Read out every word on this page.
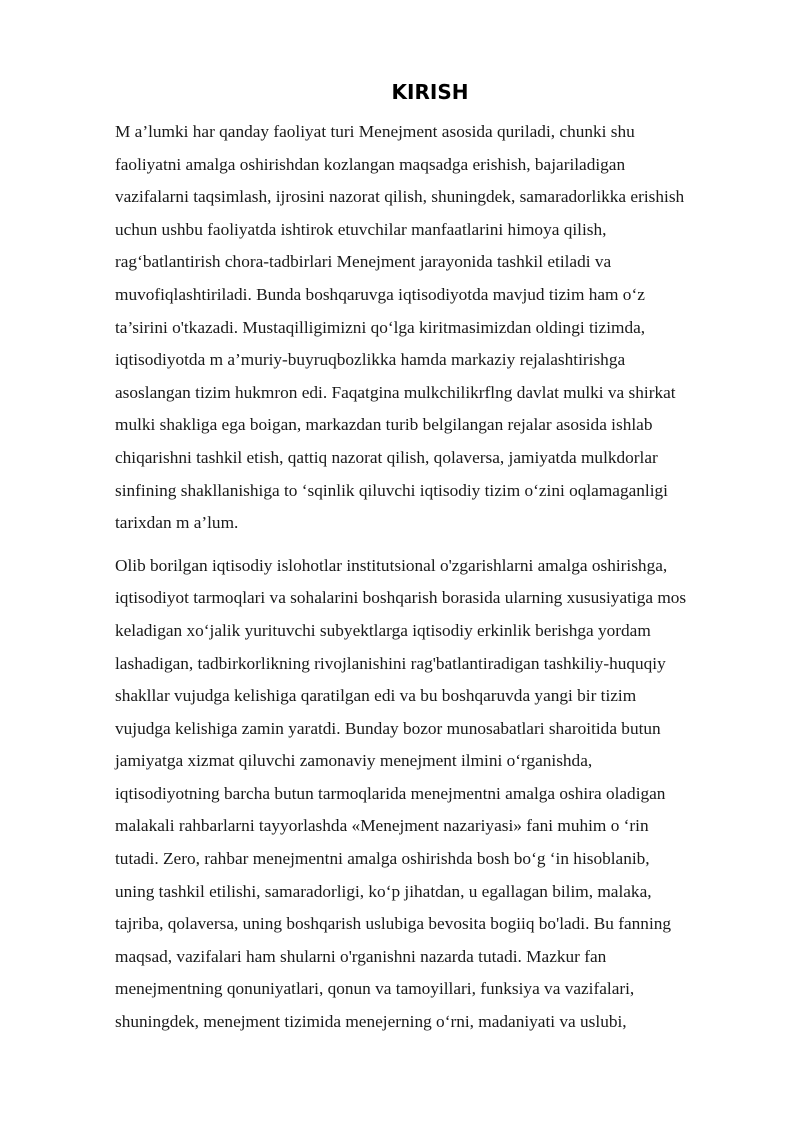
KIRISH

M a’lumki har qanday faoliyat turi Menejment asosida quriladi, chunki shu
faoliyatni amalga oshirishdan kozlangan maqsadga erishish, bajariladigan
vazifalarni taqsimlash, ijrosini nazorat qilish, shuningdek, samaradorlikka erishish
uchun ushbu faoliyatda ishtirok etuvchilar manfaatlarini himoya qilish,
rag‘batlantirish chora-tadbirlari Menejment jarayonida tashkil etiladi va
muvofiqlashtiriladi. Bunda boshqaruvga iqtisodiyotda mavjud tizim ham o‘z
ta’sirini o'tkazadi. Mustaqilligimizni qo‘lga kiritmasimizdan oldingi tizimda,
iqtisodiyotda m a’muriy-buyruqbozlikka hamda markaziy rejalashtirishga
asoslangan tizim hukmron edi. Faqatgina mulkchilikrflng davlat mulki va shirkat
mulki shakliga ega boigan, markazdan turib belgilangan rejalar asosida ishlab
chiqarishni tashkil etish, qattiq nazorat qilish, qolaversa, jamiyatda mulkdorlar
sinfining shakllanishiga to ‘sqinlik qiluvchi iqtisodiy tizim o‘zini oqlamaganligi
tarixdan m a’lum.

Olib borilgan iqtisodiy islohotlar institutsional o'zgarishlarni amalga oshirishga,
iqtisodiyot tarmoqlari va sohalarini boshqarish borasida ularning xususiyatiga mos
keladigan xo‘jalik yurituvchi subyektlarga iqtisodiy erkinlik berishga yordam
lashadigan, tadbirkorlikning rivojlanishini rag'batlantiradigan tashkiliy-huquqiy
shakllar vujudga kelishiga qaratilgan edi va bu boshqaruvda yangi bir tizim
vujudga kelishiga zamin yaratdi. Bunday bozor munosabatlari sharoitida butun
jamiyatga xizmat qiluvchi zamonaviy menejment ilmini o‘rganishda,
iqtisodiyotning barcha butun tarmoqlarida menejmentni amalga oshira oladigan
malakali rahbarlarni tayyorlashda «Menejment nazariyasi» fani muhim o ‘rin
tutadi. Zero, rahbar menejmentni amalga oshirishda bosh bo‘g ‘in hisoblanib,
uning tashkil etilishi, samaradorligi, ko‘p jihatdan, u egallagan bilim, malaka,
tajriba, qolaversa, uning boshqarish uslubiga bevosita bogiiq bo'ladi. Bu fanning
maqsad, vazifalari ham shularni o'rganishni nazarda tutadi. Mazkur fan
menejmentning qonuniyatlari, qonun va tamoyillari, funksiya va vazifalari,
shuningdek, menejment tizimida menejerning o‘rni, madaniyati va uslubi,
